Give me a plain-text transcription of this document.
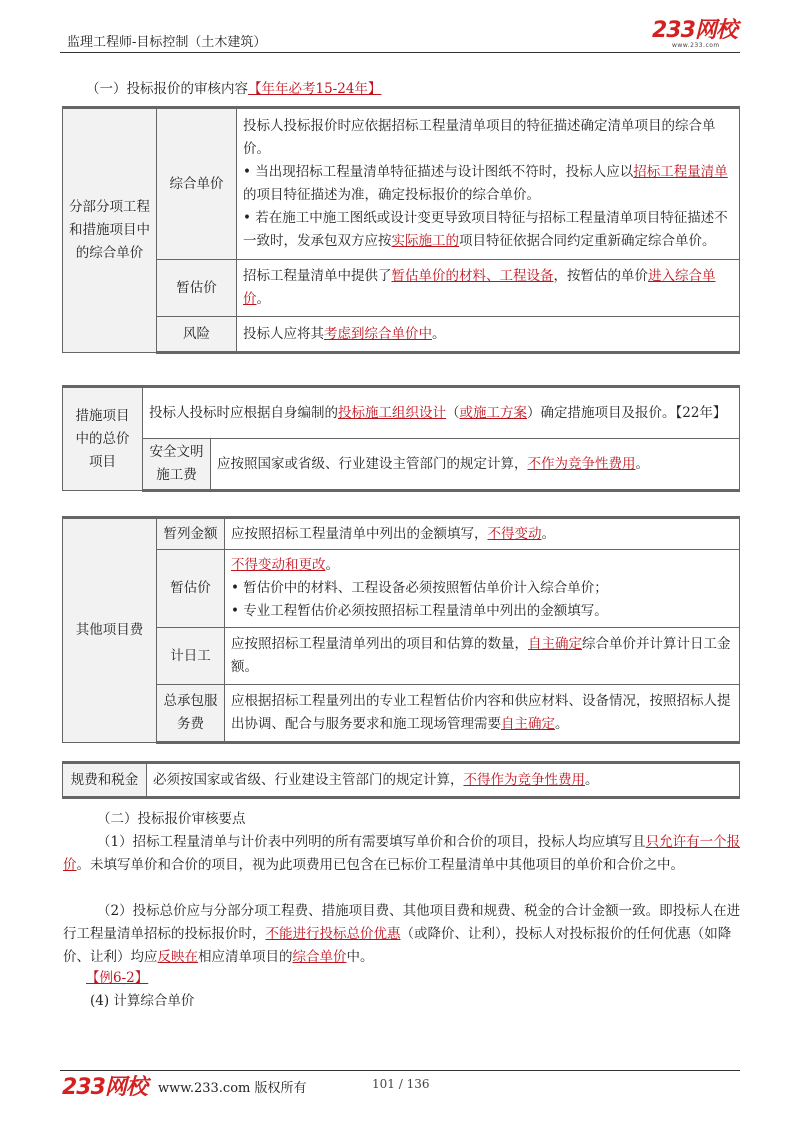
监理工程师-目标控制（土木建筑）	233网校
www.233.com
（一）投标报价的审核内容【年年必考15-24年】
分部分项工程和措施项目中的综合单价	综合单价	投标人投标报价时应依据招标工程量清单项目的特征描述确定清单项目的综合单价。
• 当出现招标工程量清单特征描述与设计图纸不符时，投标人应以招标工程量清单的项目特征描述为准，确定投标报价的综合单价。
• 若在施工中施工图纸或设计变更导致项目特征与招标工程量清单项目特征描述不一致时，发承包双方应按实际施工的项目特征依据合同约定重新确定综合单价。

	暂估价	招标工程量清单中提供了暂估单价的材料、工程设备，按暂估的单价进入综合单价。
	风险	投标人应将其考虑到综合单价中。
措施项目中的总价项目	投标人投标时应根据自身编制的投标施工组织设计（或施工方案）确定措施项目及报价。【22年】	
	安全文明施工费	应按照国家或省级、行业建设主管部门的规定计算，不作为竞争性费用。
其他项目费	暂列金额	应按照招标工程量清单中列出的金额填写，不得变动。
	暂估价	不得变动和更改。
• 暂估价中的材料、工程设备必须按照暂估单价计入综合单价；
• 专业工程暂估价必须按照招标工程量清单中列出的金额填写。

	计日工	应按照招标工程量清单列出的项目和估算的数量，自主确定综合单价并计算计日工金额。
	总承包服务费	应根据招标工程量列出的专业工程暂估价内容和供应材料、设备情况，按照招标人提出协调、配合与服务要求和施工现场管理需要自主确定。
规费和税金	必须按国家或省级、行业建设主管部门的规定计算，不得作为竞争性费用。
（二）投标报价审核要点
（1）招标工程量清单与计价表中列明的所有需要填写单价和合价的项目，投标人均应填写且只允许有一个报价。未填写单价和合价的项目，视为此项费用已包含在已标价工程量清单中其他项目的单价和合价之中。
（2）投标总价应与分部分项工程费、措施项目费、其他项目费和规费、税金的合计金额一致。即投标人在进行工程量清单招标的投标报价时，不能进行投标总价优惠（或降价、让利），投标人对投标报价的任何优惠（如降价、让利）均应反映在相应清单项目的综合单价中。
【例6-2】
(4) 计算综合单价
233网校 www.233.com 版权所有	101 / 136
